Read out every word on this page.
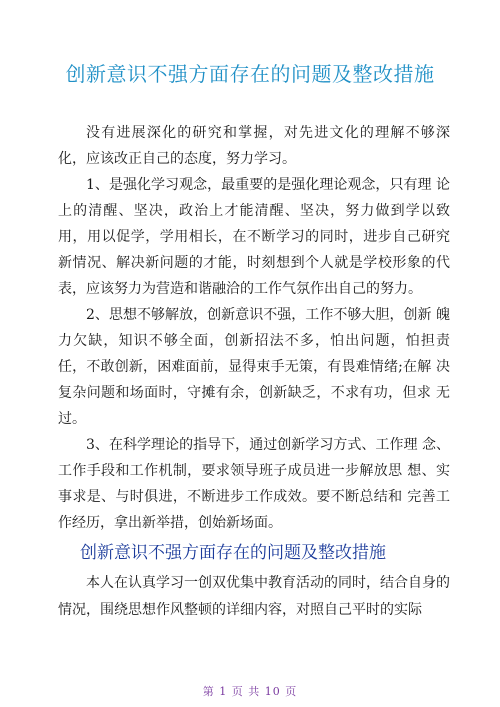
创新意识不强方面存在的问题及整改措施

没有进展深化的研究和掌握，对先进文化的理解不够深 化，应该改正自己的态度，努力学习。

1、是强化学习观念，最重要的是强化理论观念，只有理 论上的清醒、坚决，政治上才能清醒、坚决，努力做到学以致 用，用以促学，学用相长，在不断学习的同时，进步自己研究 新情况、解决新问题的才能，时刻想到个人就是学校形象的代 表，应该努力为营造和谐融洽的工作气氛作出自己的努力。

2、思想不够解放，创新意识不强，工作不够大胆，创新 魄力欠缺，知识不够全面，创新招法不多，怕出问题，怕担责 任，不敢创新，困难面前，显得束手无策，有畏难情绪;在解 决复杂问题和场面时，守摊有余，创新缺乏，不求有功，但求 无过。

3、在科学理论的指导下，通过创新学习方式、工作理 念、工作手段和工作机制，要求领导班子成员进一步解放思 想、实事求是、与时俱进，不断进步工作成效。要不断总结和 完善工作经历，拿出新举措，创始新场面。

创新意识不强方面存在的问题及整改措施

本人在认真学习一创双优集中教育活动的同时，结合自身的情况，围绕思想作风整顿的详细内容，对照自己平时的实际

第 1 页 共 10 页
